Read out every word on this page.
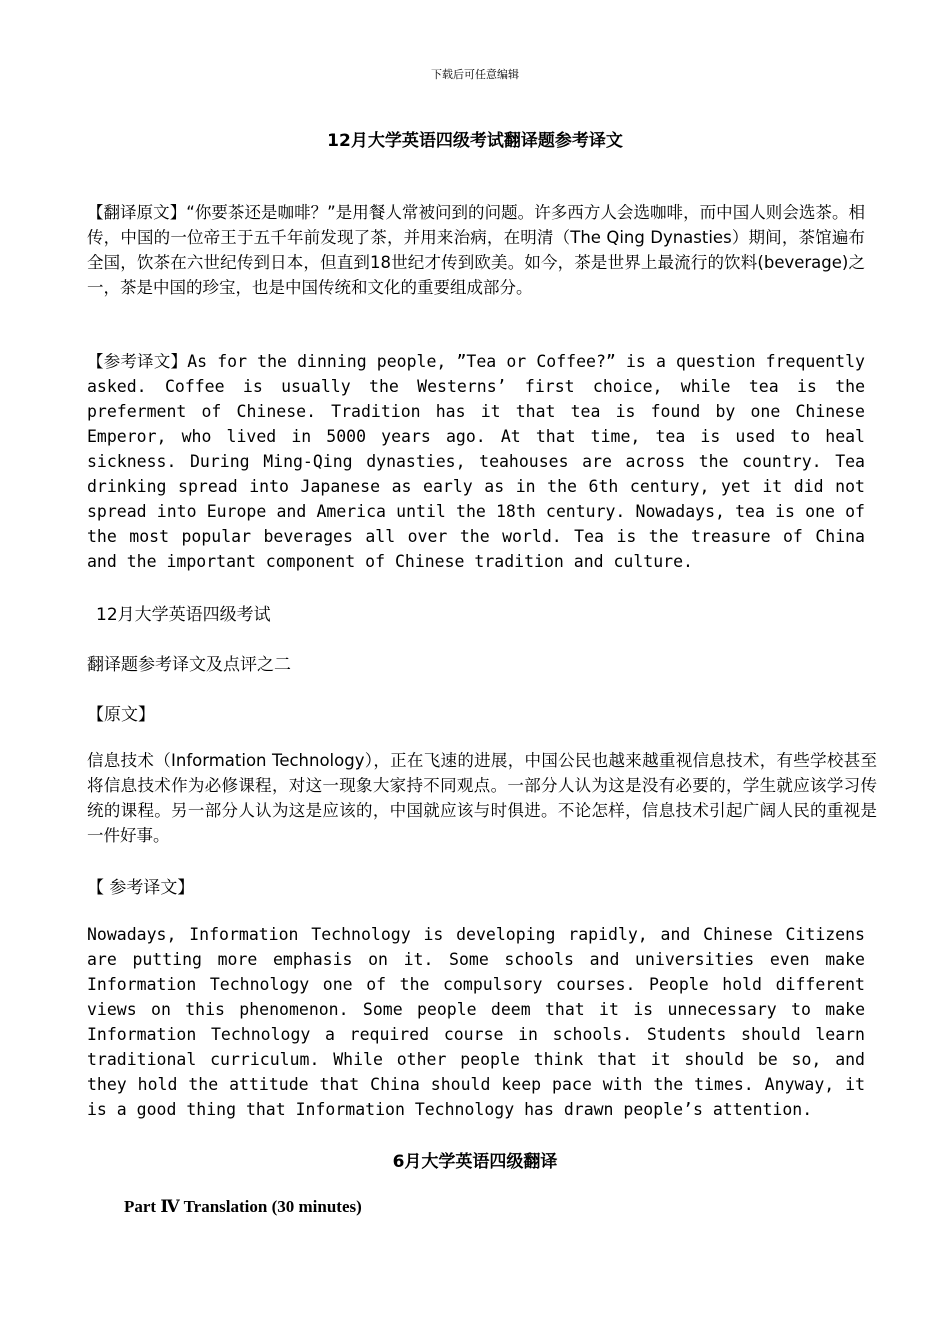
下载后可任意编辑
12月大学英语四级考试翻译题参考译文

【翻译原文】“你要茶还是咖啡？”是用餐人常被问到的问题。许多西方人会选咖啡，而中国人则会选茶。相传，中国的一位帝王于五千年前发现了茶，并用来治病，在明清（The Qing Dynasties）期间，茶馆遍布全国，饮茶在六世纪传到日本，但直到18世纪才传到欧美。如今，茶是世界上最流行的饮料(beverage)之一，茶是中国的珍宝，也是中国传统和文化的重要组成部分。

【参考译文】As for the dinning people, ”Tea or Coffee?” is a question frequently asked. Coffee is usually the Westerns’ first choice, while tea is the preferment of Chinese. Tradition has it that tea is found by one Chinese Emperor, who lived in 5000 years ago. At that time, tea is used to heal sickness. During Ming-Qing dynasties, teahouses are across the country. Tea drinking spread into Japanese as early as in the 6th century, yet it did not spread into Europe and America until the 18th century. Nowadays, tea is one of the most popular beverages all over the world. Tea is the treasure of China and the important component of Chinese tradition and culture.

12月大学英语四级考试
翻译题参考译文及点评之二
【原文】

信息技术（Information Technology），正在飞速的进展，中国公民也越来越重视信息技术，有些学校甚至将信息技术作为必修课程，对这一现象大家持不同观点。一部分人认为这是没有必要的，学生就应该学习传统的课程。另一部分人认为这是应该的，中国就应该与时俱进。不论怎样，信息技术引起广阔人民的重视是一件好事。

【 参考译文】

Nowadays, Information Technology is developing rapidly, and Chinese Citizens are putting more emphasis on it. Some schools and universities even make Information Technology one of the compulsory courses. People hold different views on this phenomenon. Some people deem that it is unnecessary to make Information Technology a required course in schools. Students should learn traditional curriculum. While other people think that it should be so, and they hold the attitude that China should keep pace with the times. Anyway, it is a good thing that Information Technology has drawn people’s attention.

6月大学英语四级翻译
Part Ⅳ Translation (30 minutes)
